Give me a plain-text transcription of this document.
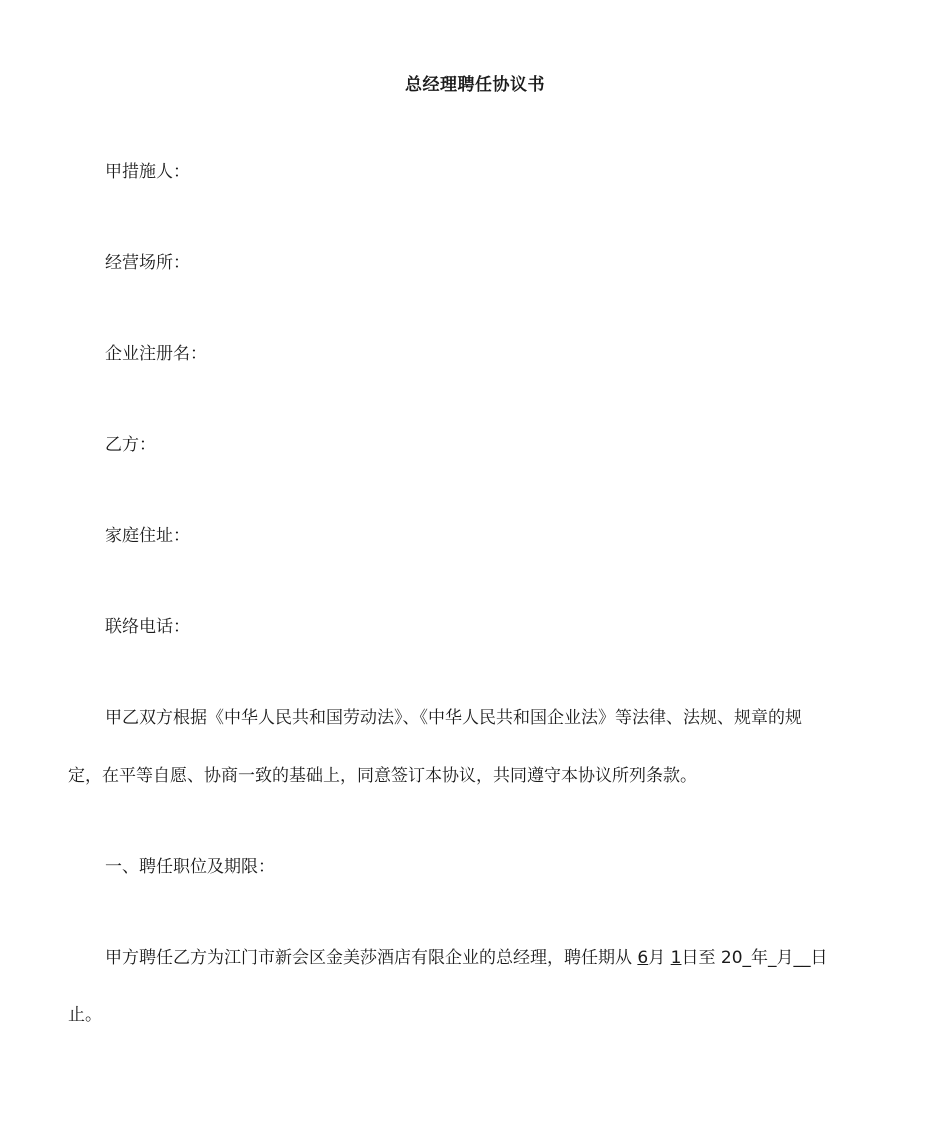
总经理聘任协议书
甲措施人：
经营场所：
企业注册名：
乙方：
家庭住址：
联络电话：
甲乙双方根据《中华人民共和国劳动法》、《中华人民共和国企业法》等法律、法规、规章的规
定，在平等自愿、协商一致的基础上，同意签订本协议，共同遵守本协议所列条款。
一、聘任职位及期限：
甲方聘任乙方为江门市新会区金美莎酒店有限企业的总经理，聘任期从 6月 1日至 20_年_月__日
止。
